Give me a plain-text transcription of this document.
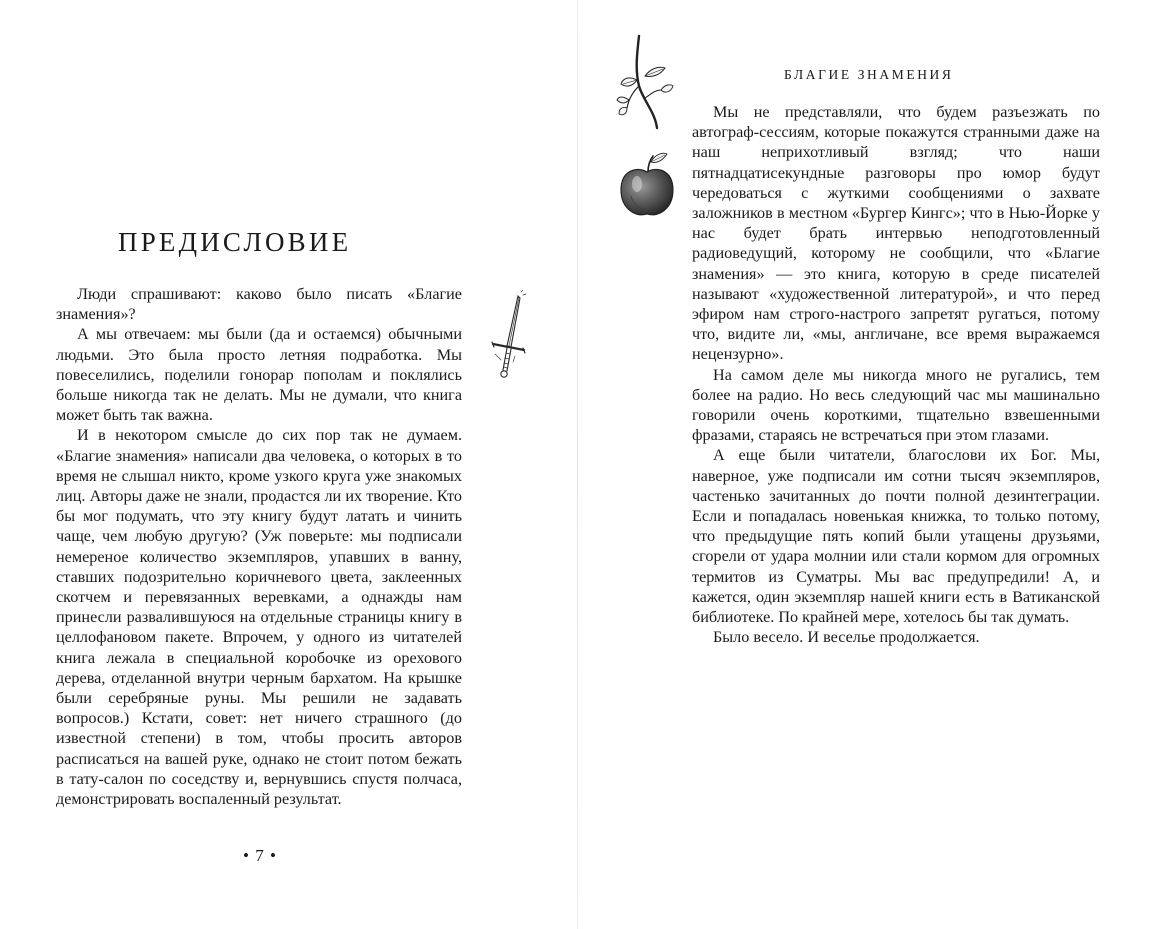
ПРЕДИСЛОВИЕ

Люди спрашивают: каково было писать «Благие знамения»?

А мы отвечаем: мы были (да и остаемся) обычными людьми. Это была просто летняя подработка. Мы повеселились, поделили гонорар пополам и поклялись больше никогда так не делать. Мы не думали, что книга может быть так важна.

И в некотором смысле до сих пор так не думаем. «Благие знамения» написали два человека, о которых в то время не слышал никто, кроме узкого круга уже знакомых лиц. Авторы даже не знали, продастся ли их творение. Кто бы мог подумать, что эту книгу будут латать и чинить чаще, чем любую другую? (Уж поверьте: мы подписали немереное количество экземпляров, упавших в ванну, ставших подозрительно коричневого цвета, заклеенных скотчем и перевязанных веревками, а однажды нам принесли развалившуюся на отдельные страницы книгу в целлофановом пакете. Впрочем, у одного из читателей книга лежала в специальной коробочке из орехового дерева, отделанной внутри черным бархатом. На крышке были серебряные руны. Мы решили не задавать вопросов.) Кстати, совет: нет ничего страшного (до известной степени) в том, чтобы просить авторов расписаться на вашей руке, однако не стоит потом бежать в тату-салон по соседству и, вернувшись спустя полчаса, демонстрировать воспаленный результат.

• 7 •

БЛАГИЕ ЗНАМЕНИЯ

Мы не представляли, что будем разъезжать по автограф-сессиям, которые покажутся странными даже на наш неприхотливый взгляд; что наши пятнадцатисекундные разговоры про юмор будут чередоваться с жуткими сообщениями о захвате заложников в местном «Бургер Кингс»; что в Нью-Йорке у нас будет брать интервью неподготовленный радиоведущий, которому не сообщили, что «Благие знамения» — это книга, которую в среде писателей называют «художественной литературой», и что перед эфиром нам строго-настрого запретят ругаться, потому что, видите ли, «мы, англичане, все время выражаемся нецензурно».

На самом деле мы никогда много не ругались, тем более на радио. Но весь следующий час мы машинально говорили очень короткими, тщательно взвешенными фразами, стараясь не встречаться при этом глазами.

А еще были читатели, благослови их Бог. Мы, наверное, уже подписали им сотни тысяч экземпляров, частенько зачитанных до почти полной дезинтеграции. Если и попадалась новенькая книжка, то только потому, что предыдущие пять копий были утащены друзьями, сгорели от удара молнии или стали кормом для огромных термитов из Суматры. Мы вас предупредили! А, и кажется, один экземпляр нашей книги есть в Ватиканской библиотеке. По крайней мере, хотелось бы так думать.

Было весело. И веселье продолжается.
